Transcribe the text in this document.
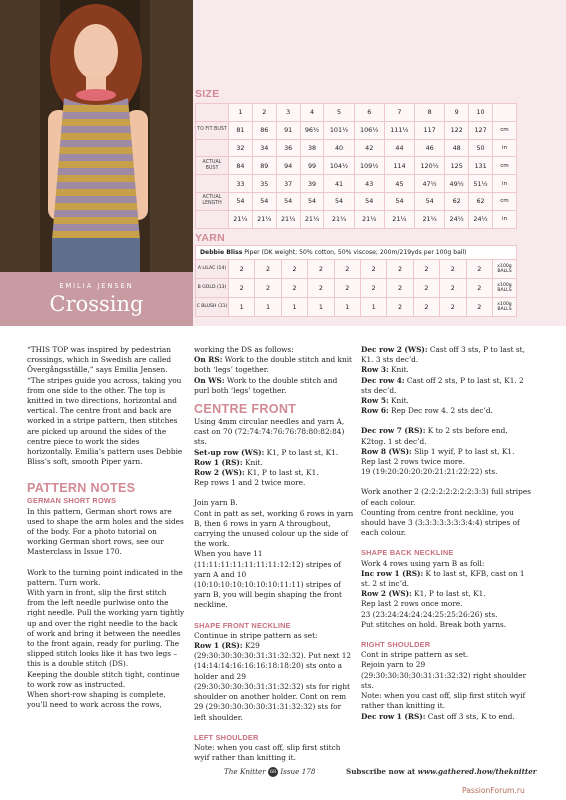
EMILIA JENSEN
Crossing
SIZE
	1	2	3	4	5	6	7	8	9	10	
TO FIT BUST	81	86	91	96½	101½	106½	111½	117	122	127	cm
	32	34	36	38	40	42	44	46	48	50	in
ACTUAL BUST	84	89	94	99	104½	109½	114	120½	125	131	cm
	33	35	37	39	41	43	45	47½	49½	51½	in
ACTUAL LENGTH	54	54	54	54	54	54	54	54	62	62	cm
	21¼	21¼	21¼	21¼	21¼	21¼	21¼	21¼	24½	24½	in
YARN
Debbie Bliss Piper (DK weight; 50% cotton, 50% viscose; 200m/219yds per 100g ball)
A LILAC (14)	2	2	2	2	2	2	2	2	2	2	x100g BALLS
B GOLD (13)	2	2	2	2	2	2	2	2	2	2	x100g BALLS
C BLUSH (11)	1	1	1	1	1	1	2	2	2	2	x100g BALLS

“THIS TOP was inspired by pedestrian crossings, which in Swedish are called Övergångsställe,” says Emilia Jensen. “The stripes guide you across, taking you from one side to the other. The top is knitted in two directions, horizontal and vertical. The centre front and back are worked in a stripe pattern, then stitches are picked up around the sides of the centre piece to work the sides horizontally. Emilia’s pattern uses Debbie Bliss’s soft, smooth Piper yarn.

PATTERN NOTES
GERMAN SHORT ROWS

In this pattern, German short rows are used to shape the arm holes and the sides of the body. For a photo tutorial on working German short rows, see our Masterclass in Issue 170.

Work to the turning point indicated in the pattern. Turn work.

With yarn in front, slip the first stitch from the left needle purlwise onto the right needle. Pull the working yarn tightly up and over the right needle to the back of work and bring it between the needles to the front again, ready for purling. The slipped stitch looks like it has two legs – this is a double stitch (DS).

Keeping the double stitch tight, continue to work row as instructed.

When short-row shaping is complete, you’ll need to work across the rows,

working the DS as follows:

On RS: Work to the double stitch and knit both ‘legs’ together.

On WS: Work to the double stitch and purl both ‘legs’ together.

CENTRE FRONT

Using 4mm circular needles and yarn A, cast on 70 (72:74:74:76:76:78:80:82:84) sts.

Set-up row (WS): K1, P to last st, K1.

Row 1 (RS): Knit.

Row 2 (WS): K1, P to last st, K1.

Rep rows 1 and 2 twice more.

Join yarn B.

Cont in patt as set, working 6 rows in yarn B, then 6 rows in yarn A throughout, carrying the unused colour up the side of the work.

When you have 11 (11:11:11:11:11:11:11:12:12) stripes of yarn A and 10 (10:10:10:10:10:10:10:11:11) stripes of yarn B, you will begin shaping the front neckline.

SHAPE FRONT NECKLINE

Continue in stripe pattern as set:

Row 1 (RS): K29 (29:30:30:30:30:31:31:32:32). Put next 12 (14:14:14:16:16:16:18:18:20) sts onto a holder and 29 (29:30:30:30:30:31:31:32:32) sts for right shoulder on another holder. Cont on rem 29 (29:30:30:30:30:31:31:32:32) sts for left shoulder.

LEFT SHOULDER

Note: when you cast off, slip first stitch wyif rather than knitting it.

Dec row 2 (WS): Cast off 3 sts, P to last st, K1. 3 sts dec’d.

Row 3: Knit.

Dec row 4: Cast off 2 sts, P to last st, K1. 2 sts dec’d.

Row 5: Knit.

Row 6: Rep Dec row 4. 2 sts dec’d.

Dec row 7 (RS): K to 2 sts before end, K2tog. 1 st dec’d.

Row 8 (WS): Slip 1 wyif, P to last st, K1.

Rep last 2 rows twice more.

19 (19:20:20:20:20:21:21:22:22) sts.

Work another 2 (2:2:2:2:2:2:2:3:3) full stripes of each colour.

Counting from centre front neckline, you should have 3 (3:3:3:3:3:3:3:4:4) stripes of each colour.

SHAPE BACK NECKLINE

Work 4 rows using yarn B as foll:

Inc row 1 (RS): K to last st, KFB, cast on 1 st. 2 st inc’d.

Row 2 (WS): K1, P to last st, K1.

Rep last 2 rows once more.

23 (23:24:24:24:24:25:25:26:26) sts.

Put stitches on hold. Break both yarns.

RIGHT SHOULDER

Cont in stripe pattern as set.

Rejoin yarn to 29 (29:30:30:30:30:31:31:32:32) right shoulder sts.

Note: when you cast off, slip first stitch wyif rather than knitting it.

Dec row 1 (RS): Cast off 3 sts, K to end.

The Knitter 68 Issue 178	Subscribe now at www.gathered.how/theknitter
PassionForum.ru
